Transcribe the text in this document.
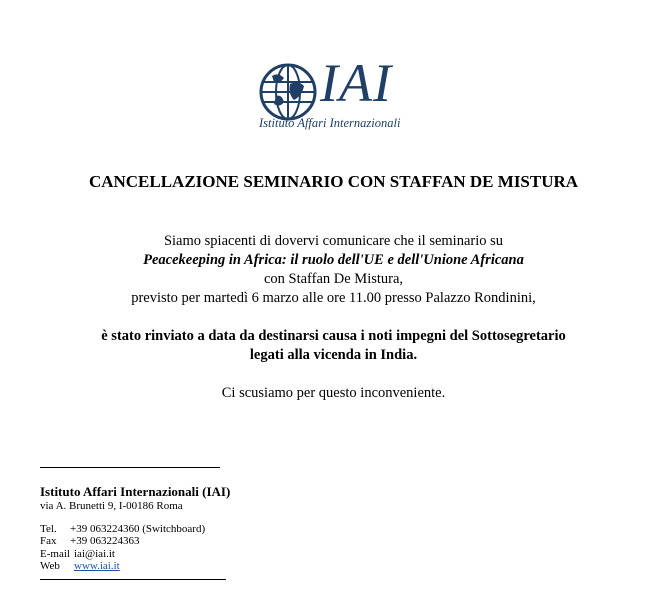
IAI
Istituto Affari Internazionali
CANCELLAZIONE SEMINARIO CON STAFFAN DE MISTURA
Siamo spiacenti di dovervi comunicare che il seminario su
Peacekeeping in Africa: il ruolo dell'UE e dell'Unione Africana
con Staffan De Mistura,
previsto per martedì 6 marzo alle ore 11.00 presso Palazzo Rondinini,
è stato rinviato a data da destinarsi causa i noti impegni del Sottosegretario
legati alla vicenda in India.
Ci scusiamo per questo inconveniente.
Istituto Affari Internazionali (IAI)
via A. Brunetti 9, I-00186 Roma
Tel.	+39 063224360 (Switchboard)
Fax	+39 063224363
E-mail iai@iai.it
Web	www.iai.it
